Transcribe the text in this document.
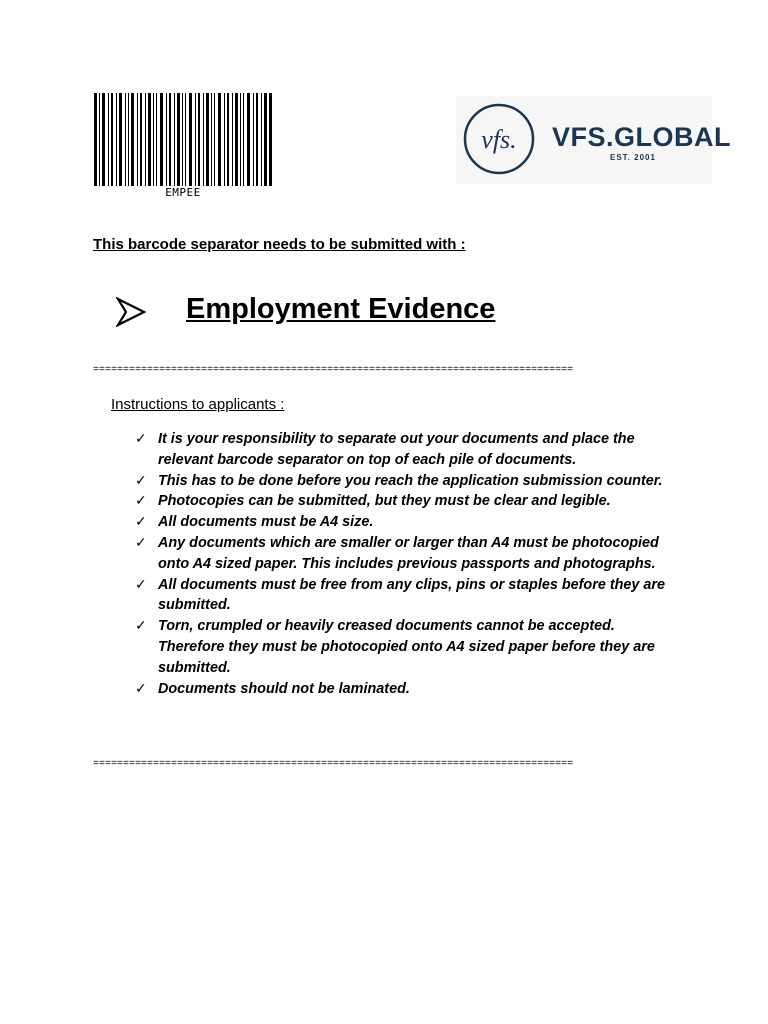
EMPEE
vfs. VFS.GLOBAL
EST. 2001
This barcode separator needs to be submitted with :
Employment Evidence
================================================================================
Instructions to applicants :
✓ It is your responsibility to separate out your documents and place the relevant barcode separator on top of each pile of documents.
✓ This has to be done before you reach the application submission counter.
✓ Photocopies can be submitted, but they must be clear and legible.
✓ All documents must be A4 size.
✓ Any documents which are smaller or larger than A4 must be photocopied onto A4 sized paper. This includes previous passports and photographs.
✓ All documents must be free from any clips, pins or staples before they are submitted.
✓ Torn, crumpled or heavily creased documents cannot be accepted. Therefore they must be photocopied onto A4 sized paper before they are submitted.
✓ Documents should not be laminated.
================================================================================
